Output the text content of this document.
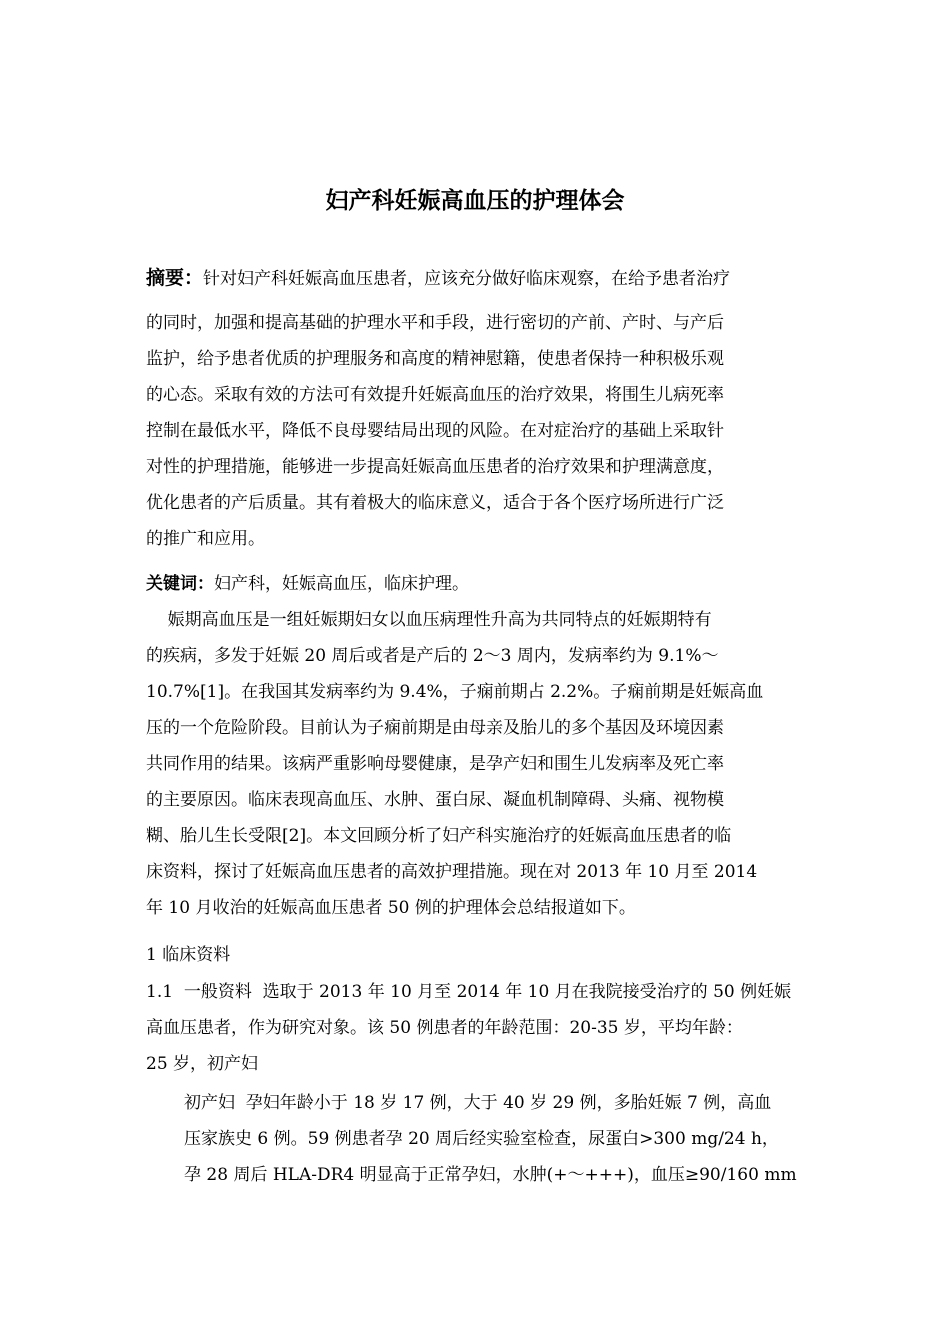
妇产科妊娠高血压的护理体会
摘要：针对妇产科妊娠高血压患者，应该充分做好临床观察，在给予患者治疗
的同时，加强和提高基础的护理水平和手段，进行密切的产前、产时、与产后
监护，给予患者优质的护理服务和高度的精神慰籍，使患者保持一种积极乐观
的心态。采取有效的方法可有效提升妊娠高血压的治疗效果，将围生儿病死率
控制在最低水平，降低不良母婴结局出现的风险。在对症治疗的基础上采取针
对性的护理措施，能够进一步提高妊娠高血压患者的治疗效果和护理满意度，
优化患者的产后质量。其有着极大的临床意义，适合于各个医疗场所进行广泛
的推广和应用。
关键词：妇产科，妊娠高血压，临床护理。
娠期高血压是一组妊娠期妇女以血压病理性升高为共同特点的妊娠期特有
的疾病，多发于妊娠 20 周后或者是产后的 2～3 周内，发病率约为 9.1%～
10.7%[1]。在我国其发病率约为 9.4%，子痫前期占 2.2%。子痫前期是妊娠高血
压的一个危险阶段。目前认为子痫前期是由母亲及胎儿的多个基因及环境因素
共同作用的结果。该病严重影响母婴健康，是孕产妇和围生儿发病率及死亡率
的主要原因。临床表现高血压、水肿、蛋白尿、凝血机制障碍、头痛、视物模
糊、胎儿生长受限[2]。本文回顾分析了妇产科实施治疗的妊娠高血压患者的临
床资料，探讨了妊娠高血压患者的高效护理措施。现在对 2013 年 10 月至 2014
年 10 月收治的妊娠高血压患者 50 例的护理体会总结报道如下。
1 临床资料
1.1  一般资料  选取于 2013 年 10 月至 2014 年 10 月在我院接受治疗的 50 例妊娠
高血压患者，作为研究对象。该 50 例患者的年龄范围：20-35 岁，平均年龄：
25 岁，初产妇
初产妇  孕妇年龄小于 18 岁 17 例，大于 40 岁 29 例，多胎妊娠 7 例，高血
压家族史 6 例。59 例患者孕 20 周后经实验室检查，尿蛋白>300 mg/24 h，
孕 28 周后 HLA-DR4 明显高于正常孕妇，水肿(+～+++)，血压≥90/160 mm
